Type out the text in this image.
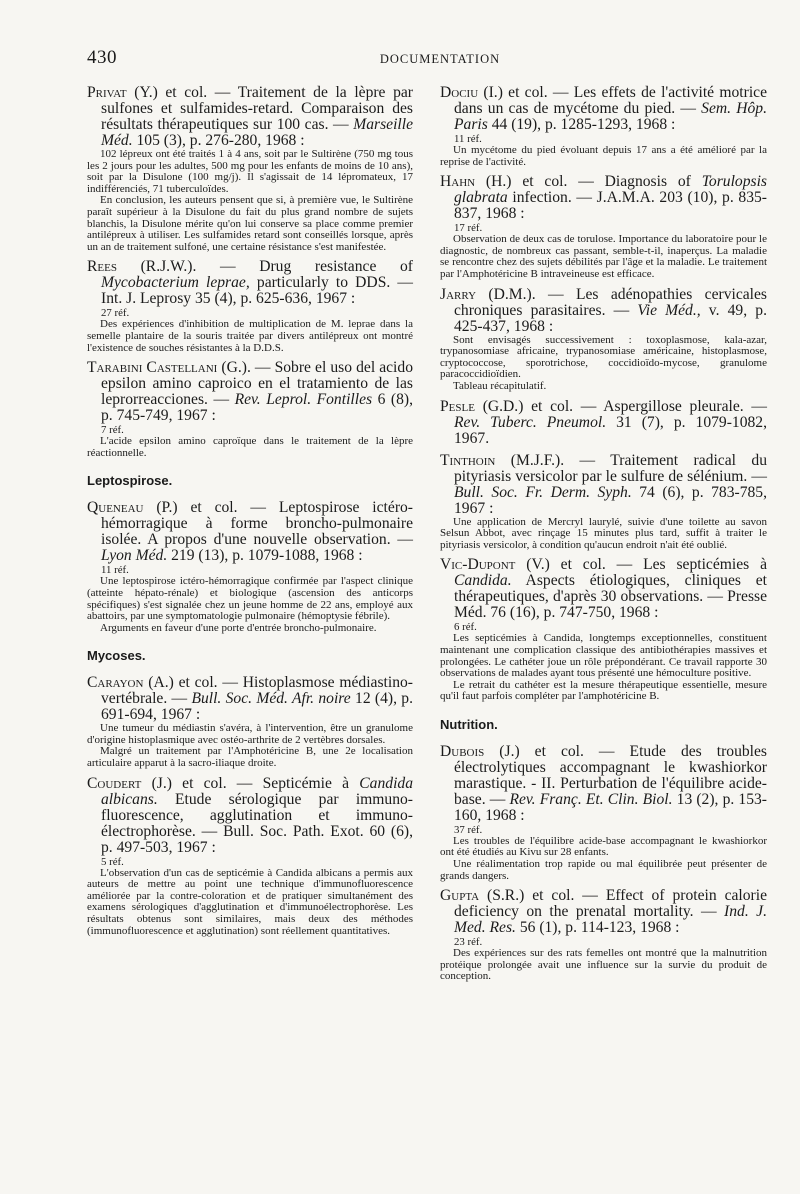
430	DOCUMENTATION
Privat (Y.) et col. — Traitement de la lèpre par sulfones et sulfamides-retard. Comparaison des résultats thérapeutiques sur 100 cas. — Marseille Méd. 105 (3), p. 276-280, 1968 :

102 lépreux ont été traités 1 à 4 ans, soit par le Sultirène (750 mg tous les 2 jours pour les adultes, 500 mg pour les enfants de moins de 10 ans), soit par la Disulone (100 mg/j). Il s'agissait de 14 lépromateux, 17 indifférenciés, 71 tuberculoïdes.

En conclusion, les auteurs pensent que si, à première vue, le Sultirène paraît supérieur à la Disulone du fait du plus grand nombre de sujets blanchis, la Disulone mérite qu'on lui conserve sa place comme premier antilépreux à utiliser. Les sulfamides retard sont conseillés lorsque, après un an de traitement sulfoné, une certaine résistance s'est manifestée.

Rees (R.J.W.). — Drug resistance of Mycobacterium leprae, particularly to DDS. — Int. J. Leprosy 35 (4), p. 625-636, 1967 :
27 réf.

Des expériences d'inhibition de multiplication de M. leprae dans la semelle plantaire de la souris traitée par divers antilépreux ont montré l'existence de souches résistantes à la D.D.S.

Tarabini Castellani (G.). — Sobre el uso del acido epsilon amino caproico en el tratamiento de las leprorreacciones. — Rev. Leprol. Fontilles 6 (8), p. 745-749, 1967 :
7 réf.

L'acide epsilon amino caproïque dans le traitement de la lèpre réactionnelle.

Leptospirose.
Queneau (P.) et col. — Leptospirose ictéro-hémorragique à forme broncho-pulmonaire isolée. A propos d'une nouvelle observation. — Lyon Méd. 219 (13), p. 1079-1088, 1968 :
11 réf.

Une leptospirose ictéro-hémorragique confirmée par l'aspect clinique (atteinte hépato-rénale) et biologique (ascension des anticorps spécifiques) s'est signalée chez un jeune homme de 22 ans, employé aux abattoirs, par une symptomatologie pulmonaire (hémoptysie fébrile).

Arguments en faveur d'une porte d'entrée broncho-pulmonaire.

Mycoses.
Carayon (A.) et col. — Histoplasmose médiastino-vertébrale. — Bull. Soc. Méd. Afr. noire 12 (4), p. 691-694, 1967 :

Une tumeur du médiastin s'avéra, à l'intervention, être un granulome d'origine histoplasmique avec ostéo-arthrite de 2 vertèbres dorsales.

Malgré un traitement par l'Amphotéricine B, une 2e localisation articulaire apparut à la sacro-iliaque droite.

Coudert (J.) et col. — Septicémie à Candida albicans. Etude sérologique par immuno-fluorescence, agglutination et immuno-électrophorèse. — Bull. Soc. Path. Exot. 60 (6), p. 497-503, 1967 :
5 réf.

L'observation d'un cas de septicémie à Candida albicans a permis aux auteurs de mettre au point une technique d'immunofluorescence améliorée par la contre-coloration et de pratiquer simultanément des examens sérologiques d'agglutination et d'immunoélectrophorèse. Les résultats obtenus sont similaires, mais deux des méthodes (immunofluorescence et agglutination) sont réellement quantitatives.

Dociu (I.) et col. — Les effets de l'activité motrice dans un cas de mycétome du pied. — Sem. Hôp. Paris 44 (19), p. 1285-1293, 1968 :
11 réf.

Un mycétome du pied évoluant depuis 17 ans a été amélioré par la reprise de l'activité.

Hahn (H.) et col. — Diagnosis of Torulopsis glabrata infection. — J.A.M.A. 203 (10), p. 835-837, 1968 :
17 réf.

Observation de deux cas de torulose. Importance du laboratoire pour le diagnostic, de nombreux cas passant, semble-t-il, inaperçus. La maladie se rencontre chez des sujets débilités par l'âge et la maladie. Le traitement par l'Amphotéricine B intraveineuse est efficace.

Jarry (D.M.). — Les adénopathies cervicales chroniques parasitaires. — Vie Méd., v. 49, p. 425-437, 1968 :

Sont envisagés successivement : toxoplasmose, kala-azar, trypanosomiase africaine, trypanosomiase américaine, histoplasmose, cryptococcose, sporotrichose, coccidioïdo-mycose, granulome paracoccidioïdien.

Tableau récapitulatif.

Pesle (G.D.) et col. — Aspergillose pleurale. — Rev. Tuberc. Pneumol. 31 (7), p. 1079-1082, 1967.
Tinthoin (M.J.F.). — Traitement radical du pityriasis versicolor par le sulfure de sélénium. — Bull. Soc. Fr. Derm. Syph. 74 (6), p. 783-785, 1967 :

Une application de Mercryl laurylé, suivie d'une toilette au savon Selsun Abbot, avec rinçage 15 minutes plus tard, suffit à traiter le pityriasis versicolor, à condition qu'aucun endroit n'ait été oublié.

Vic-Dupont (V.) et col. — Les septicémies à Candida. Aspects étiologiques, cliniques et thérapeutiques, d'après 30 observations. — Presse Méd. 76 (16), p. 747-750, 1968 :
6 réf.

Les septicémies à Candida, longtemps exceptionnelles, constituent maintenant une complication classique des antibiothérapies massives et prolongées. Le cathéter joue un rôle prépondérant. Ce travail rapporte 30 observations de malades ayant tous présenté une hémoculture positive.

Le retrait du cathéter est la mesure thérapeutique essentielle, mesure qu'il faut parfois compléter par l'amphotéricine B.

Nutrition.
Dubois (J.) et col. — Etude des troubles électrolytiques accompagnant le kwashiorkor marastique. - II. Perturbation de l'équilibre acide-base. — Rev. Franç. Et. Clin. Biol. 13 (2), p. 153-160, 1968 :
37 réf.

Les troubles de l'équilibre acide-base accompagnant le kwashiorkor ont été étudiés au Kivu sur 28 enfants.

Une réalimentation trop rapide ou mal équilibrée peut présenter de grands dangers.

Gupta (S.R.) et col. — Effect of protein calorie deficiency on the prenatal mortality. — Ind. J. Med. Res. 56 (1), p. 114-123, 1968 :
23 réf.

Des expériences sur des rats femelles ont montré que la malnutrition protéique prolongée avait une influence sur la survie du produit de conception.
